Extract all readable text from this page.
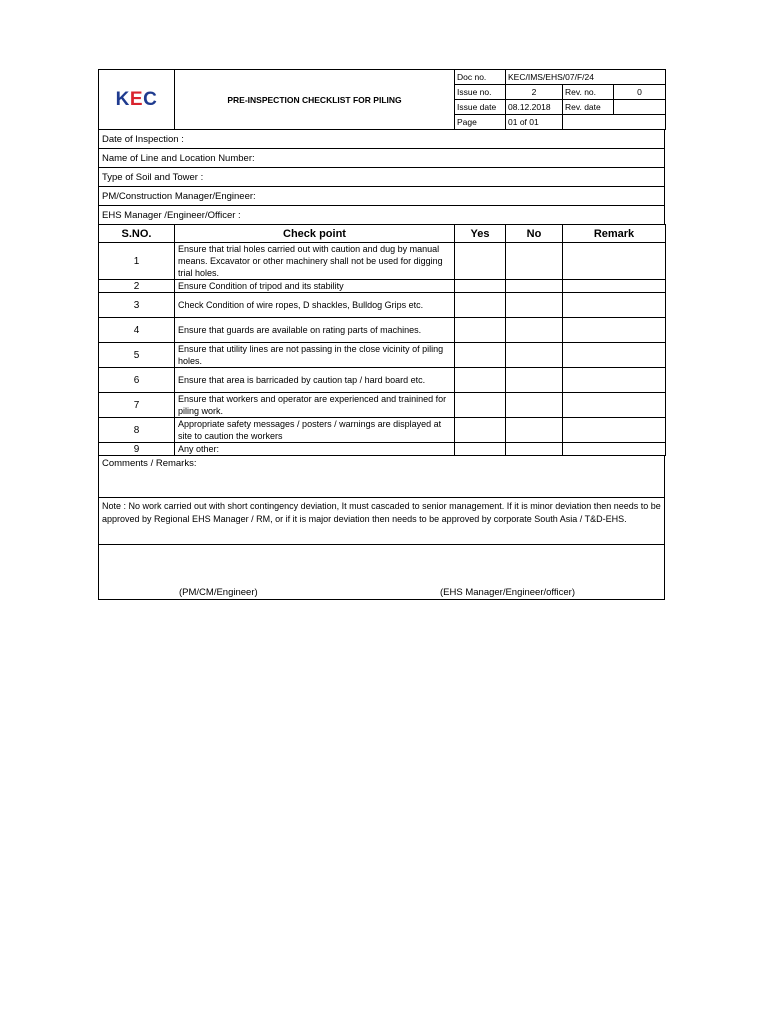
KEC	PRE-INSPECTION CHECKLIST FOR PILING	Doc no.	KEC/IMS/EHS/07/F/24		
		Issue no.	2	Rev. no.	0
		Issue date	08.12.2018	Rev. date	
		Page	01 of 01		
Date of Inspection :
Name of Line and Location Number:
Type of Soil and Tower :
PM/Construction Manager/Engineer:
EHS Manager /Engineer/Officer :
S.NO.	Check point	Yes	No	Remark
1	Ensure that trial holes carried out with caution and dug by manual means. Excavator or other machinery shall not be used for digging trial holes.			
2	Ensure Condition of tripod and its stability			
3	Check Condition of wire ropes, D shackles, Bulldog Grips etc.			
4	Ensure that guards are available on rating parts of machines.			
5	Ensure that utility lines are not passing in the close vicinity of piling holes.			
6	Ensure that area is barricaded by caution tap / hard board etc.			
7	Ensure that workers and operator are experienced and trainined for piling work.			
8	Appropriate safety messages / posters / warnings are displayed at site to caution the workers			
9	Any other:			
Comments / Remarks:
Note : No work carried out with short contingency deviation, It must cascaded to senior management. If it is minor deviation then needs to be approved by Regional EHS Manager / RM, or if it is major deviation then needs to be approved by corporate South Asia / T&D-EHS.

(PM/CM/Engineer)	(EHS Manager/Engineer/officer)
